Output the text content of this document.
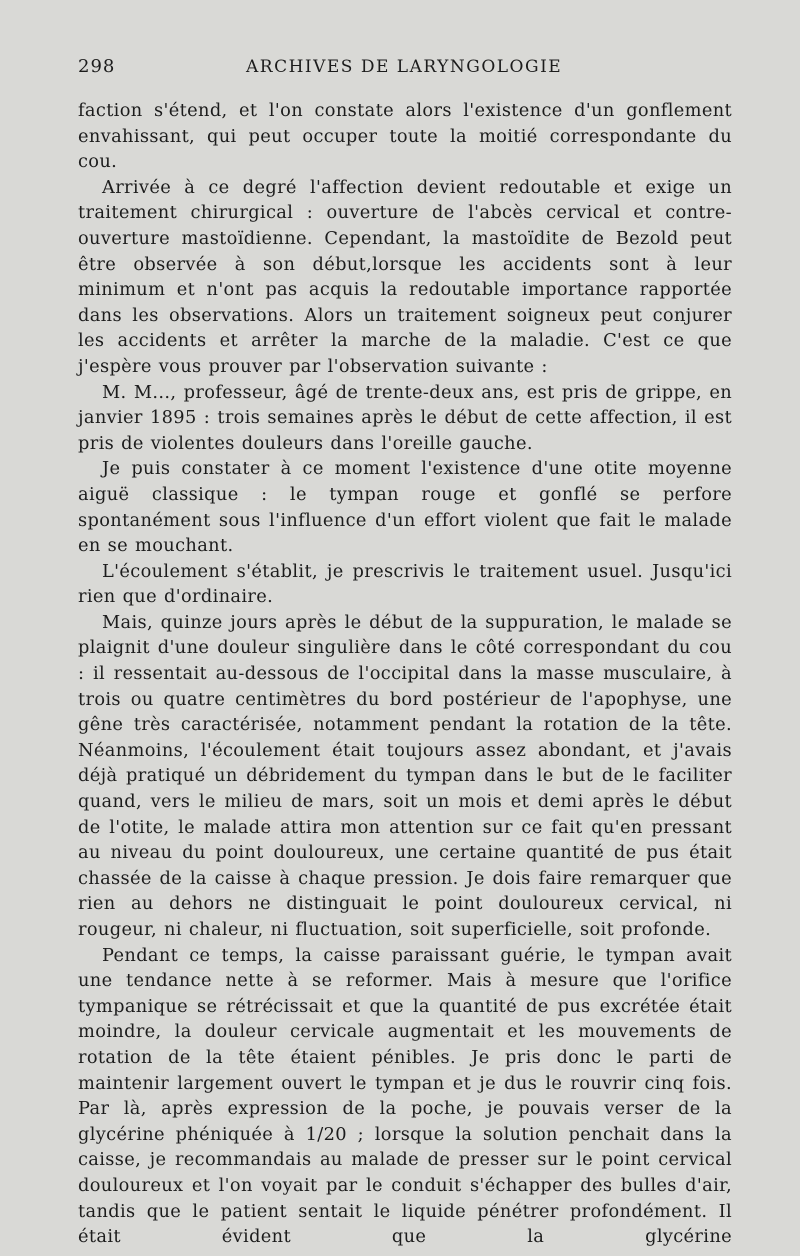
298	ARCHIVES DE LARYNGOLOGIE

faction s'étend, et l'on constate alors l'existence d'un gonflement envahissant, qui peut occuper toute la moitié correspondante du cou.

Arrivée à ce degré l'affection devient redoutable et exige un traitement chirurgical : ouverture de l'abcès cervical et contre-ouverture mastoïdienne. Cependant, la mastoïdite de Bezold peut être observée à son début,lorsque les accidents sont à leur minimum et n'ont pas acquis la redoutable importance rapportée dans les observations. Alors un traitement soigneux peut conjurer les accidents et arrêter la marche de la maladie. C'est ce que j'espère vous prouver par l'observation suivante :

M. M..., professeur, âgé de trente-deux ans, est pris de grippe, en janvier 1895 : trois semaines après le début de cette affection, il est pris de violentes douleurs dans l'oreille gauche.

Je puis constater à ce moment l'existence d'une otite moyenne aiguë classique : le tympan rouge et gonflé se perfore spontanément sous l'influence d'un effort violent que fait le malade en se mouchant.

L'écoulement s'établit, je prescrivis le traitement usuel. Jusqu'ici rien que d'ordinaire.

Mais, quinze jours après le début de la suppuration, le malade se plaignit d'une douleur singulière dans le côté correspondant du cou : il ressentait au-dessous de l'occipital dans la masse musculaire, à trois ou quatre centimètres du bord postérieur de l'apophyse, une gêne très caractérisée, notamment pendant la rotation de la tête. Néanmoins, l'écoulement était toujours assez abondant, et j'avais déjà pratiqué un débridement du tympan dans le but de le faciliter quand, vers le milieu de mars, soit un mois et demi après le début de l'otite, le malade attira mon attention sur ce fait qu'en pressant au niveau du point douloureux, une certaine quantité de pus était chassée de la caisse à chaque pression. Je dois faire remarquer que rien au dehors ne distinguait le point douloureux cervical, ni rougeur, ni chaleur, ni fluctuation, soit superficielle, soit profonde.

Pendant ce temps, la caisse paraissant guérie, le tympan avait une tendance nette à se reformer. Mais à mesure que l'orifice tympanique se rétrécissait et que la quantité de pus excrétée était moindre, la douleur cervicale augmentait et les mouvements de rotation de la tête étaient pénibles. Je pris donc le parti de maintenir largement ouvert le tympan et je dus le rouvrir cinq fois. Par là, après expression de la poche, je pouvais verser de la glycérine phéniquée à 1/20 ; lorsque la solution penchait dans la caisse, je recommandais au malade de presser sur le point cervical douloureux et l'on voyait par le conduit s'échapper des bulles d'air, tandis que le patient sentait le liquide pénétrer profondément. Il était évident que la glycérine
